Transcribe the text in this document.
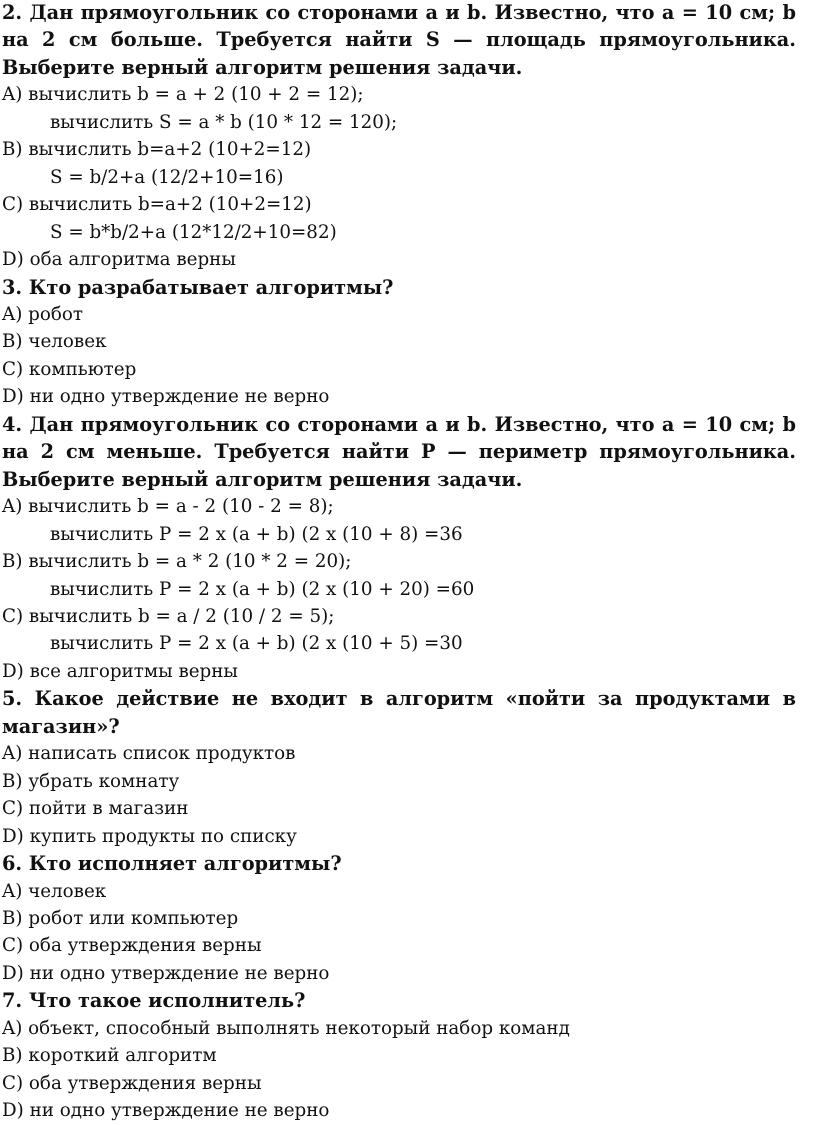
2. Дан прямоугольник со сторонами a и b. Известно, что a = 10 см; b на 2 см больше. Требуется найти S — площадь прямоугольника. Выберите верный алгоритм решения задачи.

A) вычислить b = a + 2 (10 + 2 = 12);

вычислить S = a * b (10 * 12 = 120);

B) вычислить b=a+2 (10+2=12)

S = b/2+a (12/2+10=16)

C) вычислить b=a+2 (10+2=12)

S = b*b/2+a (12*12/2+10=82)

D) оба алгоритма верны

3. Кто разрабатывает алгоритмы?

A) робот

B) человек

C) компьютер

D) ни одно утверждение не верно

4. Дан прямоугольник со сторонами a и b. Известно, что a = 10 см; b на 2 см меньше. Требуется найти P — периметр прямоугольника. Выберите верный алгоритм решения задачи.

A) вычислить b = a - 2 (10 - 2 = 8);

вычислить P = 2 x (a + b) (2 x (10 + 8) =36

B) вычислить b = a * 2 (10 * 2 = 20);

вычислить P = 2 x (a + b) (2 x (10 + 20) =60

C) вычислить b = a / 2 (10 / 2 = 5);

вычислить P = 2 x (a + b) (2 x (10 + 5) =30

D) все алгоритмы верны

5. Какое действие не входит в алгоритм «пойти за продуктами в магазин»?

A) написать список продуктов

B) убрать комнату

C) пойти в магазин

D) купить продукты по списку

6. Кто исполняет алгоритмы?

A) человек

B) робот или компьютер

C) оба утверждения верны

D) ни одно утверждение не верно

7. Что такое исполнитель?

A) объект, способный выполнять некоторый набор команд

B) короткий алгоритм

C) оба утверждения верны

D) ни одно утверждение не верно
